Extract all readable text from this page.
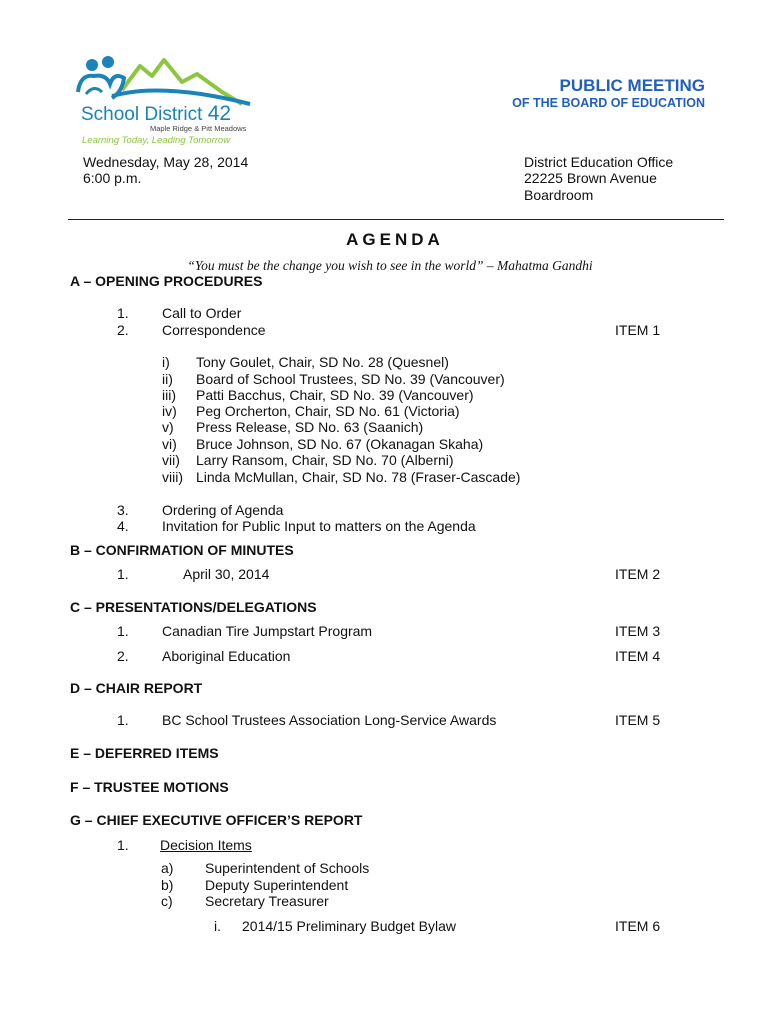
School District 42
Maple Ridge & Pitt Meadows
Learning Today, Leading Tomorrow
PUBLIC MEETING
OF THE BOARD OF EDUCATION
Wednesday, May 28, 2014
6:00 p.m.
District Education Office
22225 Brown Avenue
Boardroom
AGENDA
“You must be the change you wish to see in the world” – Mahatma Gandhi
A – OPENING PROCEDURES
1. Call to Order
2. Correspondence	ITEM 1
i) Tony Goulet, Chair, SD No. 28 (Quesnel)
ii) Board of School Trustees, SD No. 39 (Vancouver)
iii) Patti Bacchus, Chair, SD No. 39 (Vancouver)
iv) Peg Orcherton, Chair, SD No. 61 (Victoria)
v) Press Release, SD No. 63 (Saanich)
vi) Bruce Johnson, SD No. 67 (Okanagan Skaha)
vii) Larry Ransom, Chair, SD No. 70 (Alberni)
viii) Linda McMullan, Chair, SD No. 78 (Fraser-Cascade)
3. Ordering of Agenda
4. Invitation for Public Input to matters on the Agenda
B – CONFIRMATION OF MINUTES
1.	April 30, 2014	ITEM 2
C – PRESENTATIONS/DELEGATIONS
1. Canadian Tire Jumpstart Program	ITEM 3
2. Aboriginal Education	ITEM 4
D – CHAIR REPORT
1. BC School Trustees Association Long-Service Awards	ITEM 5
E – DEFERRED ITEMS
F – TRUSTEE MOTIONS
G – CHIEF EXECUTIVE OFFICER’S REPORT
1. Decision Items
a) Superintendent of Schools
b) Deputy Superintendent
c) Secretary Treasurer
i. 2014/15 Preliminary Budget Bylaw	ITEM 6
